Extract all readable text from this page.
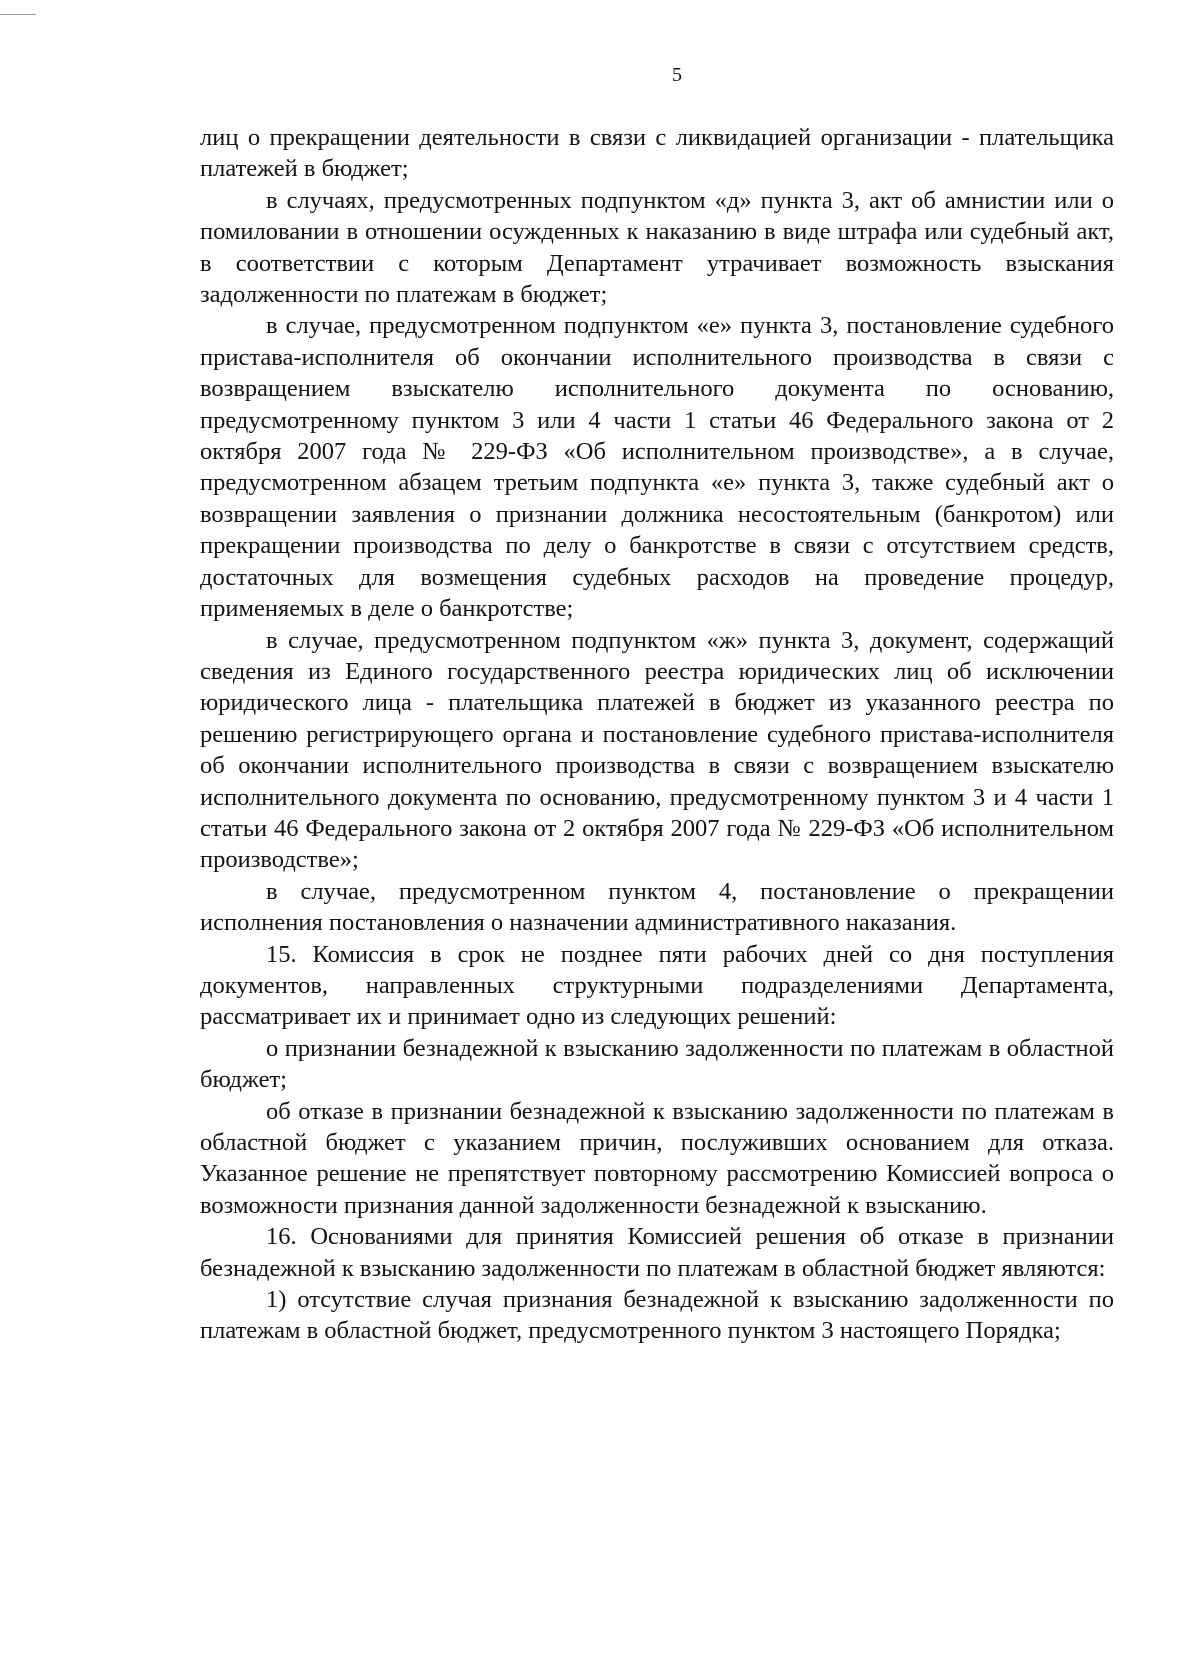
5

лиц о прекращении деятельности в связи с ликвидацией организации - плательщика платежей в бюджет;

в случаях, предусмотренных подпунктом «д» пункта 3, акт об амнистии или о помиловании в отношении осужденных к наказанию в виде штрафа или судебный акт, в соответствии с которым Департамент утрачивает возможность взыскания задолженности по платежам в бюджет;

в случае, предусмотренном подпунктом «е» пункта 3, постановление судебного пристава-исполнителя об окончании исполнительного производства в связи с возвращением взыскателю исполнительного документа по основанию, предусмотренному пунктом 3 или 4 части 1 статьи 46 Федерального закона от 2 октября 2007 года № 229-ФЗ «Об исполнительном производстве», а в случае, предусмотренном абзацем третьим подпункта «е» пункта 3, также судебный акт о возвращении заявления о признании должника несостоятельным (банкротом) или прекращении производства по делу о банкротстве в связи с отсутствием средств, достаточных для возмещения судебных расходов на проведение процедур, применяемых в деле о банкротстве;

в случае, предусмотренном подпунктом «ж» пункта 3, документ, содержащий сведения из Единого государственного реестра юридических лиц об исключении юридического лица - плательщика платежей в бюджет из указанного реестра по решению регистрирующего органа и постановление судебного пристава-исполнителя об окончании исполнительного производства в связи с возвращением взыскателю исполнительного документа по основанию, предусмотренному пунктом 3 и 4 части 1 статьи 46 Федерального закона от 2 октября 2007 года № 229-ФЗ «Об исполнительном производстве»;

в случае, предусмотренном пунктом 4, постановление о прекращении исполнения постановления о назначении административного наказания.

15. Комиссия в срок не позднее пяти рабочих дней со дня поступления документов, направленных структурными подразделениями Департамента, рассматривает их и принимает одно из следующих решений:

о признании безнадежной к взысканию задолженности по платежам в областной бюджет;

об отказе в признании безнадежной к взысканию задолженности по платежам в областной бюджет с указанием причин, послуживших основанием для отказа. Указанное решение не препятствует повторному рассмотрению Комиссией вопроса о возможности признания данной задолженности безнадежной к взысканию.

16. Основаниями для принятия Комиссией решения об отказе в признании безнадежной к взысканию задолженности по платежам в областной бюджет являются:

1) отсутствие случая признания безнадежной к взысканию задолженности по платежам в областной бюджет, предусмотренного пунктом 3 настоящего Порядка;
